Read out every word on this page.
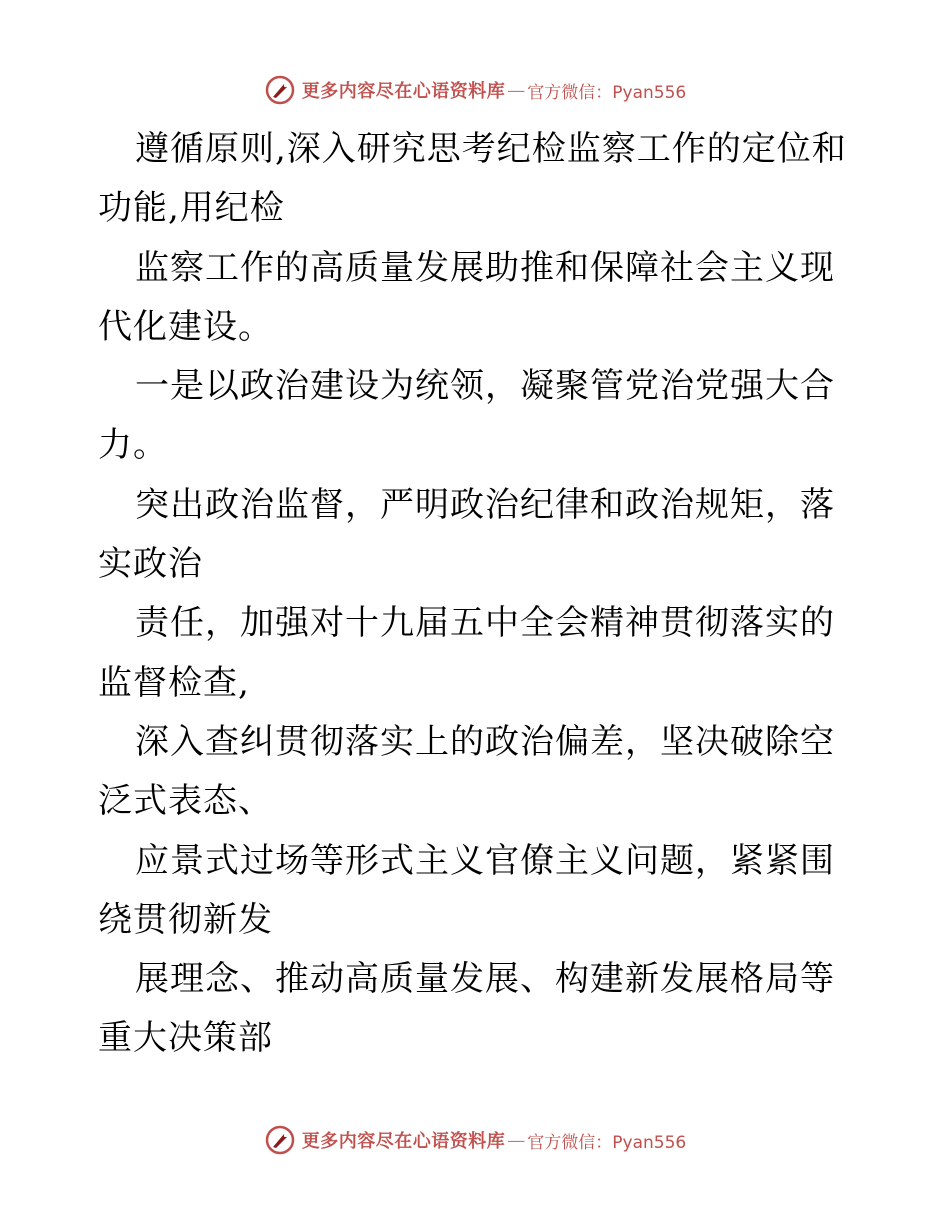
更多内容尽在心语资料库 — 官方微信：Pyan556

遵循原则,深入研究思考纪检监察工作的定位和功能,用纪检

监察工作的高质量发展助推和保障社会主义现代化建设。

一是以政治建设为统领，凝聚管党治党强大合力。

突出政治监督，严明政治纪律和政治规矩，落实政治

责任，加强对十九届五中全会精神贯彻落实的监督检查,

深入查纠贯彻落实上的政治偏差，坚决破除空泛式表态、

应景式过场等形式主义官僚主义问题，紧紧围绕贯彻新发

展理念、推动高质量发展、构建新发展格局等重大决策部

更多内容尽在心语资料库 — 官方微信：Pyan556
